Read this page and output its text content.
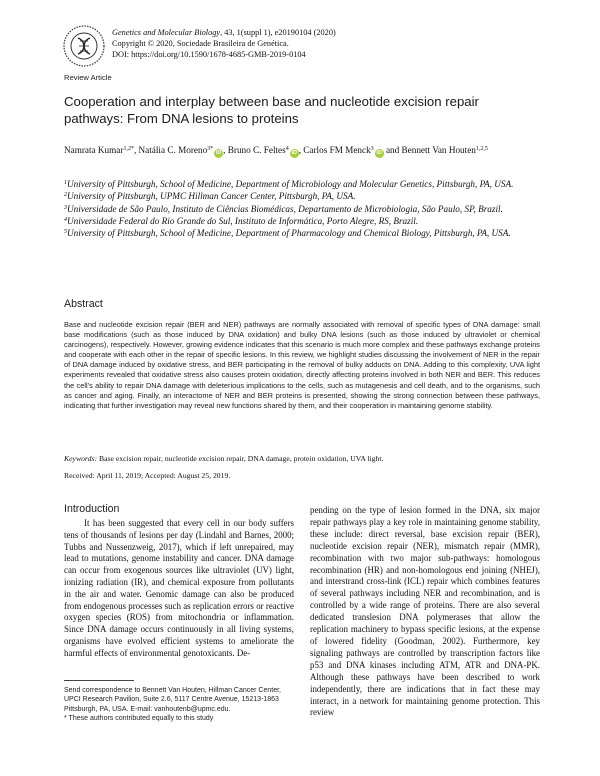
Genetics and Molecular Biology, 43, 1(suppl 1), e20190104 (2020)
Copyright © 2020, Sociedade Brasileira de Genética.
DOI: https://doi.org/10.1590/1678-4685-GMB-2019-0104
Review Article
Cooperation and interplay between base and nucleotide excision repair pathways: From DNA lesions to proteins
Namrata Kumar$^{1,2*}$, Natália C. Moreno$^{3*}$iD , Bruno C. Feltes$^4$iD , Carlos FM Menck$^3$iD and Bennett Van Houten$^{1,2,5}$
$^1$University of Pittsburgh, School of Medicine, Department of Microbiology and Molecular Genetics, Pittsburgh, PA, USA.
$^2$University of Pittsburgh, UPMC Hillman Cancer Center, Pittsburgh, PA, USA.
$^3$Universidade de São Paulo, Instituto de Ciências Biomédicas, Departamento de Microbiologia, São Paulo, SP, Brazil.
$^4$Universidade Federal do Rio Grande do Sul, Instituto de Informática, Porto Alegre, RS, Brazil.
$^5$University of Pittsburgh, School of Medicine, Department of Pharmacology and Chemical Biology, Pittsburgh, PA, USA.
Abstract
Base and nucleotide excision repair (BER and NER) pathways are normally associated with removal of specific types of DNA damage: small base modifications (such as those induced by DNA oxidation) and bulky DNA lesions (such as those induced by ultraviolet or chemical carcinogens), respectively. However, growing evidence indicates that this scenario is much more complex and these pathways exchange proteins and cooperate with each other in the repair of specific lesions. In this review, we highlight studies discussing the involvement of NER in the repair of DNA damage induced by oxidative stress, and BER participating in the removal of bulky adducts on DNA. Adding to this complexity, UVA light experiments revealed that oxidative stress also causes protein oxidation, directly affecting proteins involved in both NER and BER. This reduces the cell’s ability to repair DNA damage with deleterious implications to the cells, such as mutagenesis and cell death, and to the organisms, such as cancer and aging. Finally, an interactome of NER and BER proteins is presented, showing the strong connection between these pathways, indicating that further investigation may reveal new functions shared by them, and their cooperation in maintaining genome stability.
Keywords: Base excision repair, nucleotide excision repair, DNA damage, protein oxidation, UVA light.
Received: April 11, 2019; Accepted: August 25, 2019.
Introduction

It has been suggested that every cell in our body suffers tens of thousands of lesions per day (Lindahl and Barnes, 2000; Tubbs and Nussenzweig, 2017), which if left unrepaired, may lead to mutations, genome instability and cancer. DNA damage can occur from exogenous sources like ultraviolet (UV) light, ionizing radiation (IR), and chemical exposure from pollutants in the air and water. Genomic damage can also be produced from endogenous processes such as replication errors or reactive oxygen species (ROS) from mitochondria or inflammation. Since DNA damage occurs continuously in all living systems, organisms have evolved efficient systems to ameliorate the harmful effects of environmental genotoxicants. De-

pending on the type of lesion formed in the DNA, six major repair pathways play a key role in maintaining genome stability, these include: direct reversal, base excision repair (BER), nucleotide excision repair (NER), mismatch repair (MMR), recombination with two major sub-pathways: homologous recombination (HR) and non-homologous end joining (NHEJ), and interstrand cross-link (ICL) repair which combines features of several pathways including NER and recombination, and is controlled by a wide range of proteins. There are also several dedicated translesion DNA polymerases that allow the replication machinery to bypass specific lesions, at the expense of lowered fidelity (Goodman, 2002). Furthermore, key signaling pathways are controlled by transcription factors like p53 and DNA kinases including ATM, ATR and DNA-PK. Although these pathways have been described to work independently, there are indications that in fact these may interact, in a network for maintaining genome protection. This review

Send correspondence to Bennett Van Houten, Hillman Cancer Center, UPCI Research Pavilion, Suite 2.6, 5117 Centre Avenue, 15213-1863 Pittsburgh, PA, USA. E-mail: vanhoutenb@upmc.edu.
* These authors contributed equally to this study
